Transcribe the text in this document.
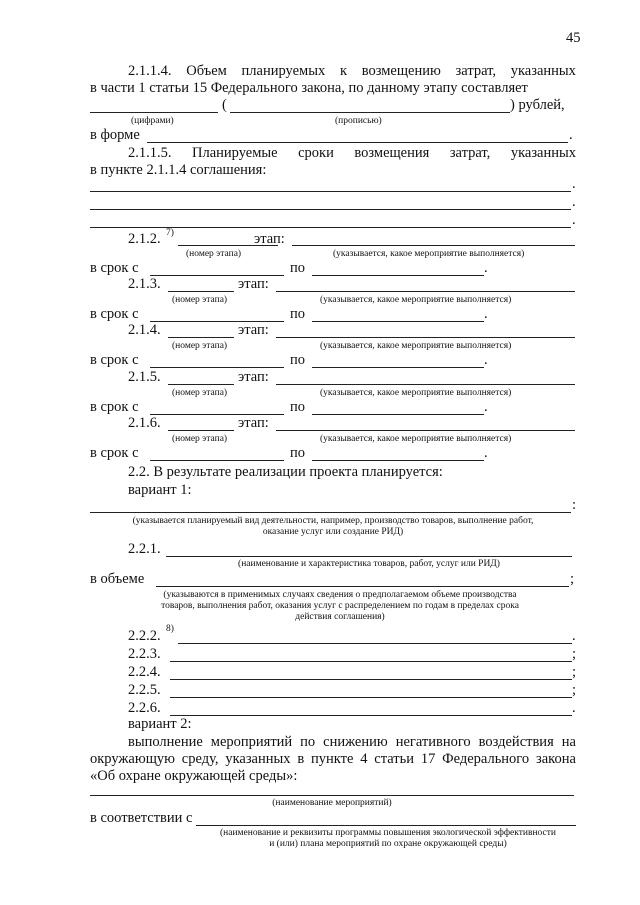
45
2.1.1.4. Объем планируемых к возмещению затрат, указанных
в части 1 статьи 15 Федерального закона, по данному этапу составляет
(	) рублей,
(цифрами)	(прописью)
в форме	.
2.1.1.5. Планируемые сроки возмещения затрат, указанных
в пункте 2.1.1.4 соглашения:
.
.
.
2.1.2. 7)	этап:
(номер этапа)	(указывается, какое мероприятие выполняется)
в срок с	по	.
2.1.3.	этап:
(номер этапа)	(указывается, какое мероприятие выполняется)
в срок с	по	.
2.1.4.	этап:
(номер этапа)	(указывается, какое мероприятие выполняется)
в срок с	по	.
2.1.5.	этап:
(номер этапа)	(указывается, какое мероприятие выполняется)
в срок с	по	.
2.1.6.	этап:
(номер этапа)	(указывается, какое мероприятие выполняется)
в срок с	по	.
2.2. В результате реализации проекта планируется:
вариант 1:
:
(указывается планируемый вид деятельности, например, производство товаров, выполнение работ,
оказание услуг или создание РИД)
2.2.1.
(наименование и характеристика товаров, работ, услуг или РИД)
в объеме	;
(указываются в применимых случаях сведения о предполагаемом объеме производства
товаров, выполнения работ, оказания услуг с распределением по годам в пределах срока
действия соглашения)
2.2.2. 8)	.
2.2.3.	;
2.2.4.	;
2.2.5.	;
2.2.6.	.
вариант 2:
выполнение мероприятий по снижению негативного воздействия на
окружающую среду, указанных в пункте 4 статьи 17 Федерального закона
«Об охране окружающей среды»:
(наименование мероприятий)
в соответствии с
(наименование и реквизиты программы повышения экологической эффективности
и (или) плана мероприятий по охране окружающей среды)
